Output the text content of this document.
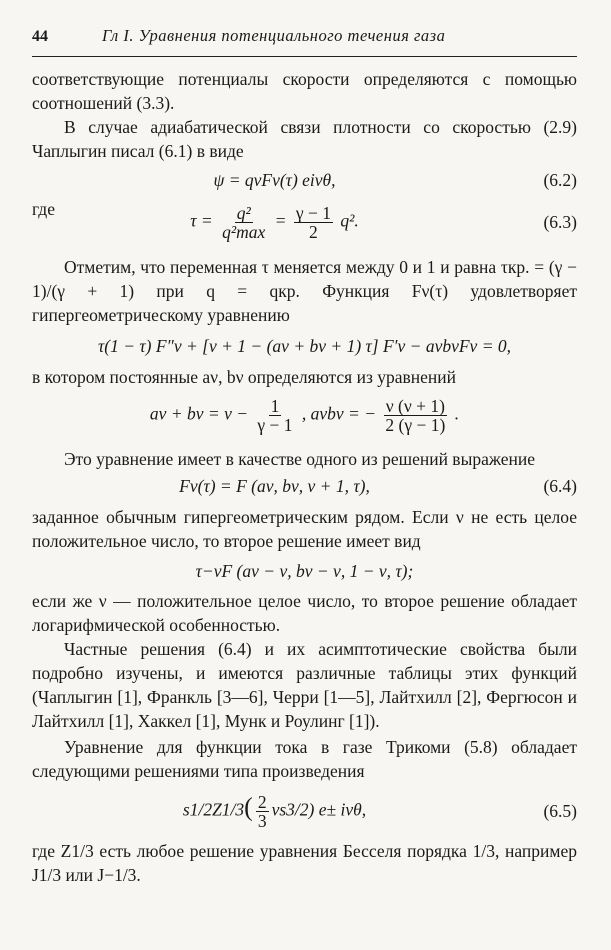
44	Гл I. Уравнения потенциального течения газа

соответствующие потенциалы скорости определяются с помощью соотношений (3.3).

В случае адиабатической связи плотности со скоростью (2.9) Чаплыгин писал (6.1) в виде

ψ = qνFν(τ) eiνθ,	(6.2)
где
$\tau = \frac{\text{q²}}{\text{q²max}} = \frac{\gamma - 1}{2} q^2$.	(6.3)

Отметим, что переменная τ меняется между 0 и 1 и равна τкр. = (γ − 1)/(γ + 1) при q = qкр. Функция Fν(τ) удовлетворяет гипергеометрическому уравнению

τ(1 − τ) F″ν + [ν + 1 − (aν + bν + 1) τ] F′ν − aνbνFν = 0,

в котором постоянные aν, bν определяются из уравнений

$a\nu + b\nu = \nu - \frac{1}{\gamma - 1}$ , aνbν = − $\frac{\nu (\nu + 1)}{2 (\gamma - 1)}$ .

Это уравнение имеет в качестве одного из решений выражение

Fν(τ) = F (aν, bν, ν + 1, τ),	(6.4)

заданное обычным гипергеометрическим рядом. Если ν не есть целое положительное число, то второе решение имеет вид

τ−νF (aν − ν, bν − ν, 1 − ν, τ);

если же ν — положительное целое число, то второе решение обладает логарифмической особенностью.

Частные решения (6.4) и их асимптотические свойства были подробно изучены, и имеются различные таблицы этих функций (Чаплыгин [1], Франкль [3—6], Черри [1—5], Лайтхилл [2], Фергюсон и Лайтхилл [1], Хаккел [1], Мунк и Роулинг [1]).

Уравнение для функции тока в газе Трикоми (5.8) обладает следующими решениями типа произведения

$s1/2Z1/3( \frac{2}{3} \nu s3/2)$ e± iνθ,	(6.5)

где Z1/3 есть любое решение уравнения Бесселя порядка 1/3, например J1/3 или J−1/3.
